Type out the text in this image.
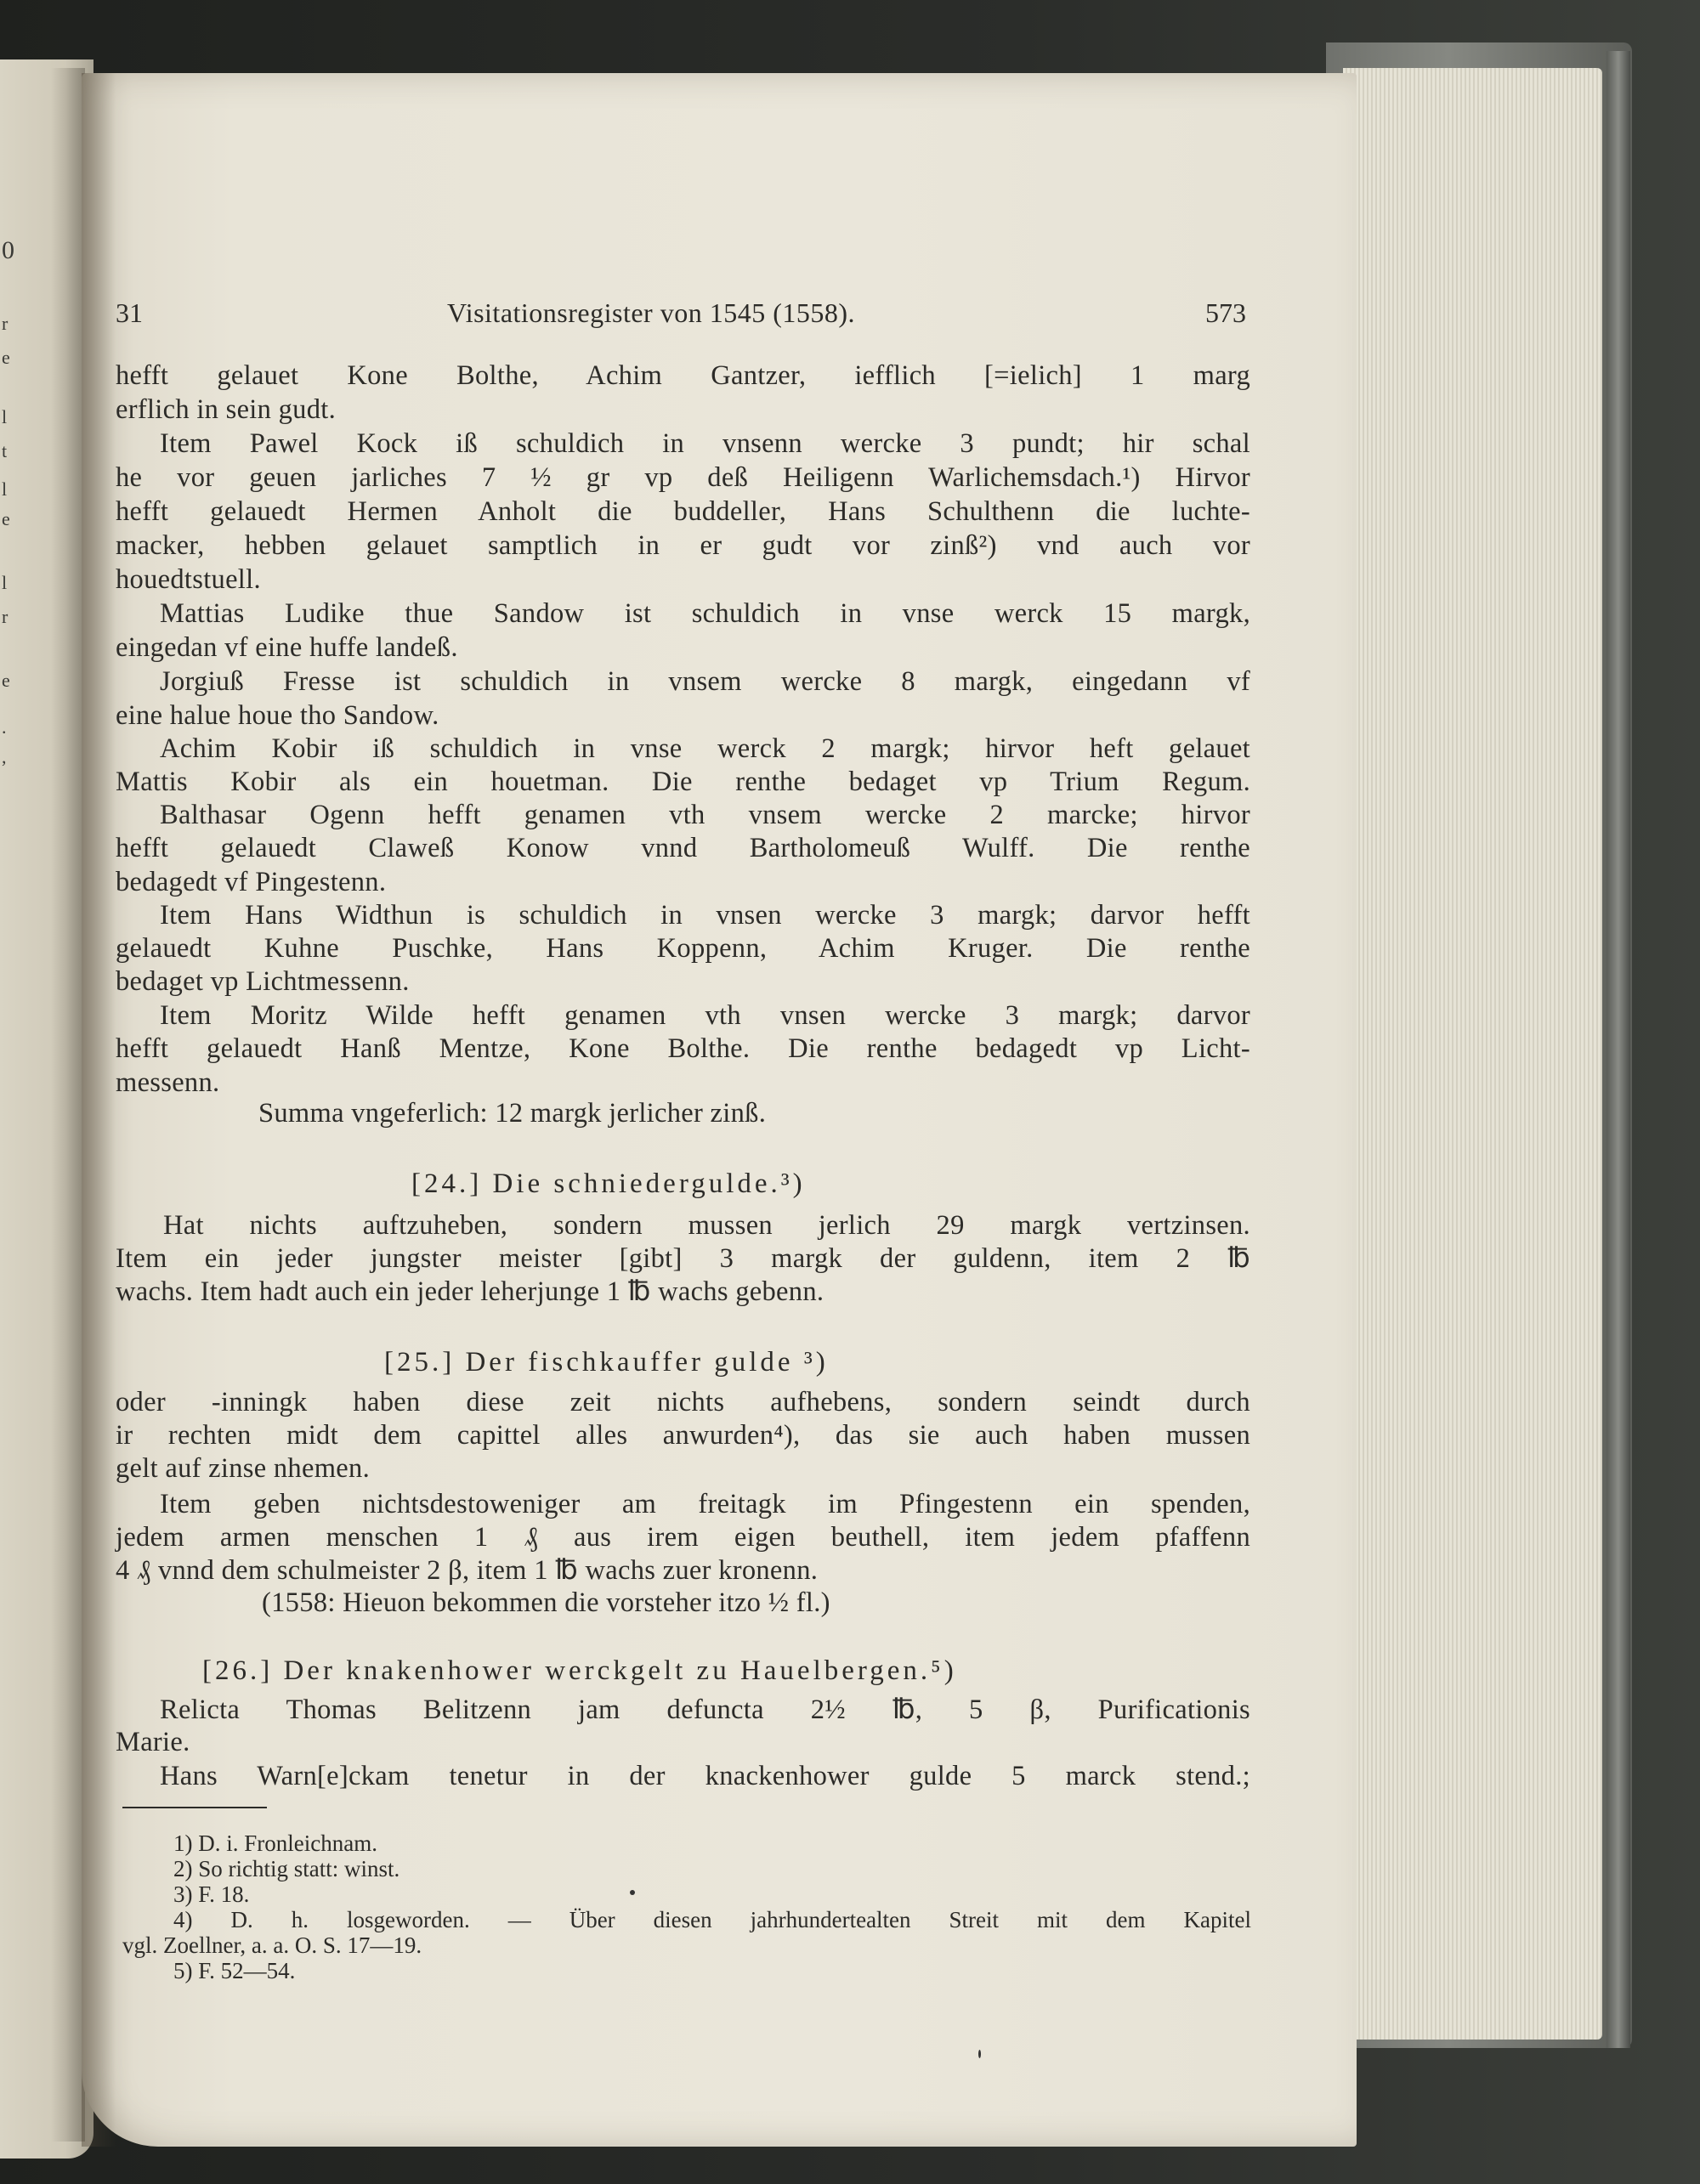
0
r
e
l
t
l
e
l
r
e
.
,
31	Visitationsregister von 1545 (1558).	573
hefft gelauet Kone Bolthe, Achim Gantzer, iefflich [=ielich] 1 marg
erflich in sein gudt.
Item Pawel Kock iß schuldich in vnsenn wercke 3 pundt; hir schal
he vor geuen jarliches 7 ½ gr vp deß Heiligenn Warlichemsdach.¹) Hirvor
hefft gelauedt Hermen Anholt die buddeller, Hans Schulthenn die luchte-
macker, hebben gelauet samptlich in er gudt vor zinß²) vnd auch vor
houedtstuell.
Mattias Ludike thue Sandow ist schuldich in vnse werck 15 margk,
eingedan vf eine huffe landeß.
Jorgiuß Fresse ist schuldich in vnsem wercke 8 margk, eingedann vf
eine halue houe tho Sandow.
Achim Kobir iß schuldich in vnse werck 2 margk; hirvor heft gelauet
Mattis Kobir als ein houetman. Die renthe bedaget vp Trium Regum.
Balthasar Ogenn hefft genamen vth vnsem wercke 2 marcke; hirvor
hefft gelauedt Claweß Konow vnnd Bartholomeuß Wulff. Die renthe
bedagedt vf Pingestenn.
Item Hans Widthun is schuldich in vnsen wercke 3 margk; darvor hefft
gelauedt Kuhne Puschke, Hans Koppenn, Achim Kruger. Die renthe
bedaget vp Lichtmessenn.
Item Moritz Wilde hefft genamen vth vnsen wercke 3 margk; darvor
hefft gelauedt Hanß Mentze, Kone Bolthe. Die renthe bedagedt vp Licht-
messenn.
Summa vngeferlich: 12 margk jerlicher zinß.
[24.] Die schniedergulde.³)
Hat nichts auftzuheben, sondern mussen jerlich 29 margk vertzinsen.
Item ein jeder jungster meister [gibt] 3 margk der guldenn, item 2 ℔
wachs. Item hadt auch ein jeder leherjunge 1 ℔ wachs gebenn.
[25.] Der fischkauffer gulde ³)
oder -inningk haben diese zeit nichts aufhebens, sondern seindt durch
ir rechten midt dem capittel alles anwurden⁴), das sie auch haben mussen
gelt auf zinse nhemen.
Item geben nichtsdestoweniger am freitagk im Pfingestenn ein spenden,
jedem armen menschen 1 ₰ aus irem eigen beuthell, item jedem pfaffenn
4 ₰ vnnd dem schulmeister 2 β, item 1 ℔ wachs zuer kronenn.
(1558: Hieuon bekommen die vorsteher itzo ½ fl.)
[26.] Der knakenhower werckgelt zu Hauelbergen.⁵)
Relicta Thomas Belitzenn jam defuncta 2½ ℔, 5 β, Purificationis
Marie.
Hans Warn[e]ckam tenetur in der knackenhower gulde 5 marck stend.;
1) D. i. Fronleichnam.
2) So richtig statt: winst.
3) F. 18.
4) D. h. losgeworden. — Über diesen jahrhundertealten Streit mit dem Kapitel
vgl. Zoellner, a. a. O. S. 17—19.
5) F. 52—54.
